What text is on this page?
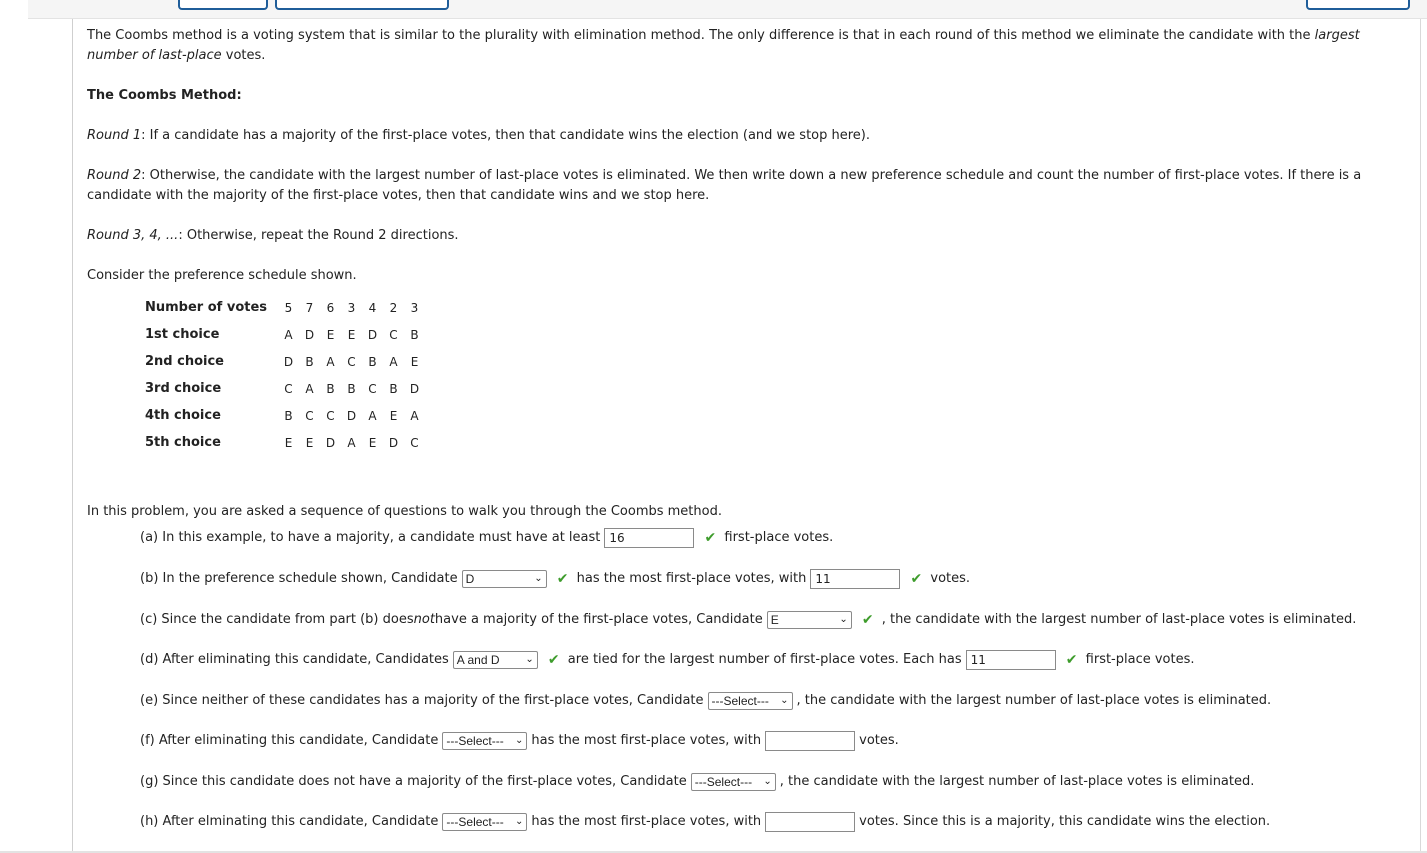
The Coombs method is a voting system that is similar to the plurality with elimination method. The only difference is that in each round of this method we eliminate the candidate with the largest number of last-place votes.

The Coombs Method:

Round 1: If a candidate has a majority of the first-place votes, then that candidate wins the election (and we stop here).

Round 2: Otherwise, the candidate with the largest number of last-place votes is eliminated. We then write down a new preference schedule and count the number of first-place votes. If there is a candidate with the majority of the first-place votes, then that candidate wins and we stop here.

Round 3, 4, ...: Otherwise, repeat the Round 2 directions.

Consider the preference schedule shown.

Number of votes	5	7	6	3	4	2	3
1st choice	A	D	E	E	D	C	B
2nd choice	D	B	A	C	B	A	E
3rd choice	C	A	B	B	C	B	D
4th choice	B	C	C	D	A	E	A
5th choice	E	E	D	A	E	D	C

In this problem, you are asked a sequence of questions to walk you through the Coombs method.

(a) In this example, to have a majority, a candidate must have at least 16	✔ first-place votes.
(b) In the preference schedule shown, Candidate D	⌄ ✔ has the most first-place votes, with 11	✔ votes.
(c) Since the candidate from part (b) does not have a majority of the first-place votes, Candidate E	⌄ ✔ , the candidate with the largest number of last-place votes is eliminated.
(d) After eliminating this candidate, Candidates A and D	⌄ ✔ are tied for the largest number of first-place votes. Each has 11	✔ first-place votes.
(e) Since neither of these candidates has a majority of the first-place votes, Candidate ---Select--- ⌄ , the candidate with the largest number of last-place votes is eliminated.
(f) After eliminating this candidate, Candidate ---Select--- ⌄ has the most first-place votes, with	votes.
(g) Since this candidate does not have a majority of the first-place votes, Candidate ---Select--- ⌄ , the candidate with the largest number of last-place votes is eliminated.
(h) After elminating this candidate, Candidate ---Select--- ⌄ has the most first-place votes, with	votes. Since this is a majority, this candidate wins the election.
